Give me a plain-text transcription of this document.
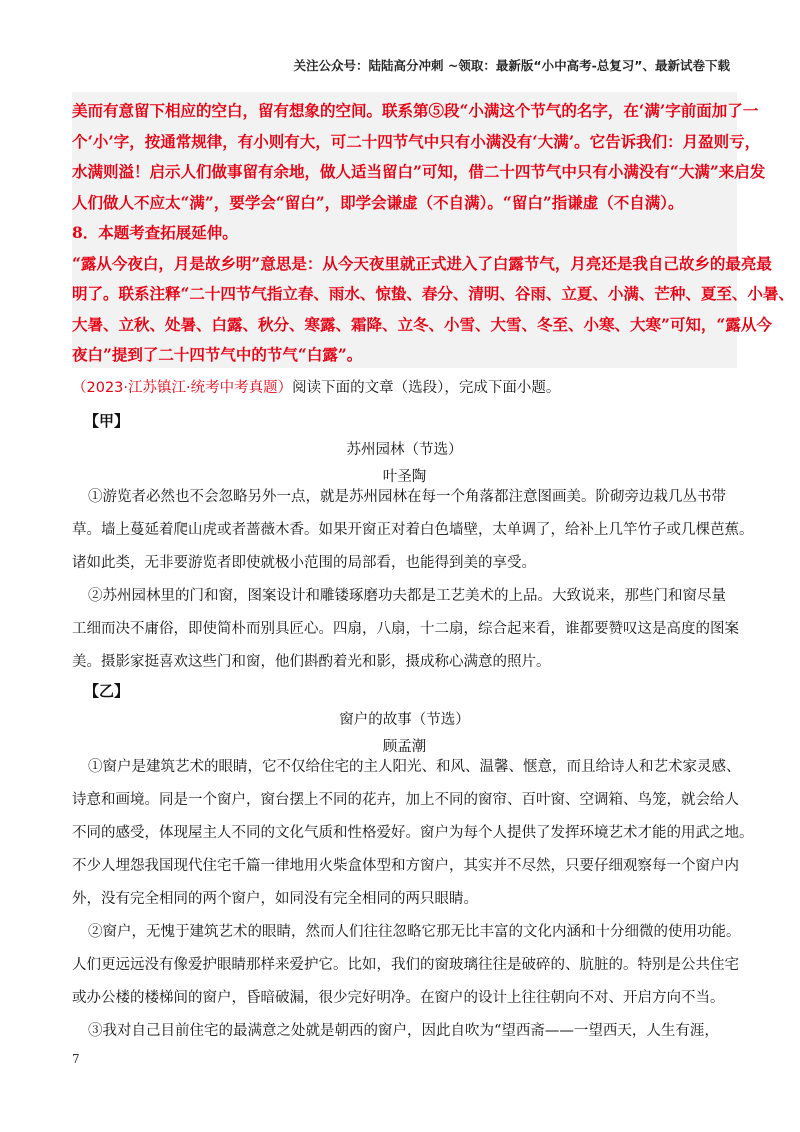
关注公众号：陆陆高分冲刺 ~领取：最新版“小中高考-总复习”、最新试卷下载

美而有意留下相应的空白，留有想象的空间。联系第⑤段“小满这个节气的名字，在‘满’字前面加了一

个‘小’字，按通常规律，有小则有大，可二十四节气中只有小满没有‘大满’。它告诉我们：月盈则亏，

水满则溢！启示人们做事留有余地，做人适当留白”可知，借二十四节气中只有小满没有“大满”来启发

人们做人不应太“满”，要学会“留白”，即学会谦虚（不自满）。“留白”指谦虚（不自满）。

8．本题考查拓展延伸。

“露从今夜白，月是故乡明”意思是：从今天夜里就正式进入了白露节气，月亮还是我自己故乡的最亮最

明了。联系注释“二十四节气指立春、雨水、惊蛰、春分、清明、谷雨、立夏、小满、芒种、夏至、小暑、

大暑、立秋、处暑、白露、秋分、寒露、霜降、立冬、小雪、大雪、冬至、小寒、大寒”可知，“露从今

夜白”提到了二十四节气中的节气“白露”。

（2023·江苏镇江·统考中考真题）阅读下面的文章（选段），完成下面小题。
【甲】
苏州园林（节选）
叶圣陶

①游览者必然也不会忽略另外一点，就是苏州园林在每一个角落都注意图画美。阶砌旁边栽几丛书带

草。墙上蔓延着爬山虎或者蔷薇木香。如果开窗正对着白色墙壁，太单调了，给补上几竿竹子或几棵芭蕉。

诸如此类，无非要游览者即使就极小范围的局部看，也能得到美的享受。

②苏州园林里的门和窗，图案设计和雕镂琢磨功夫都是工艺美术的上品。大致说来，那些门和窗尽量

工细而决不庸俗，即使简朴而别具匠心。四扇，八扇，十二扇，综合起来看，谁都要赞叹这是高度的图案

美。摄影家挺喜欢这些门和窗，他们斟酌着光和影，摄成称心满意的照片。

【乙】
窗户的故事（节选）
顾孟潮

①窗户是建筑艺术的眼睛，它不仅给住宅的主人阳光、和风、温馨、惬意，而且给诗人和艺术家灵感、

诗意和画境。同是一个窗户，窗台摆上不同的花卉，加上不同的窗帘、百叶窗、空调箱、鸟笼，就会给人

不同的感受，体现屋主人不同的文化气质和性格爱好。窗户为每个人提供了发挥环境艺术才能的用武之地。

不少人埋怨我国现代住宅千篇一律地用火柴盒体型和方窗户，其实并不尽然，只要仔细观察每一个窗户内

外，没有完全相同的两个窗户，如同没有完全相同的两只眼睛。

②窗户，无愧于建筑艺术的眼睛，然而人们往往忽略它那无比丰富的文化内涵和十分细微的使用功能。

人们更远远没有像爱护眼睛那样来爱护它。比如，我们的窗玻璃往往是破碎的、肮脏的。特别是公共住宅

或办公楼的楼梯间的窗户，昏暗破漏，很少完好明净。在窗户的设计上往往朝向不对、开启方向不当。

③我对自己目前住宅的最满意之处就是朝西的窗户，因此自吹为“望西斋——一望西天，人生有涯，

7
